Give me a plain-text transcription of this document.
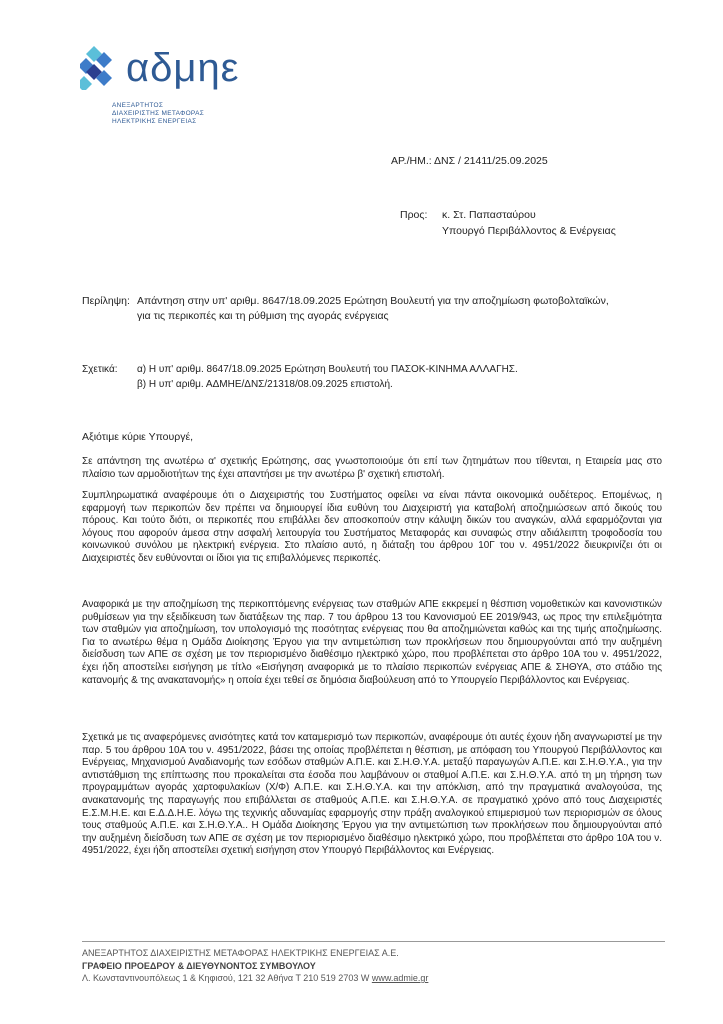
αδμηε
ΑΝΕΞΑΡΤΗΤΟΣ
ΔΙΑΧΕΙΡΙΣΤΗΣ ΜΕΤΑΦΟΡΑΣ
ΗΛΕΚΤΡΙΚΗΣ ΕΝΕΡΓΕΙΑΣ
ΑΡ./ΗΜ.: ΔΝΣ / 21411/25.09.2025
Προς: κ. Στ. Παπασταύρου
Υπουργό Περιβάλλοντος & Ενέργειας
Περίληψη: Απάντηση στην υπ' αριθμ. 8647/18.09.2025 Ερώτηση Βουλευτή για την αποζημίωση φωτοβολταϊκών,
για τις περικοπές και τη ρύθμιση της αγοράς ενέργειας
Σχετικά: α) Η υπ' αριθμ. 8647/18.09.2025 Ερώτηση Βουλευτή του ΠΑΣΟΚ-ΚΙΝΗΜΑ ΑΛΛΑΓΗΣ.
β) Η υπ' αριθμ. ΑΔΜΗΕ/ΔΝΣ/21318/08.09.2025 επιστολή.
Αξιότιμε κύριε Υπουργέ,
Σε απάντηση της ανωτέρω α' σχετικής Ερώτησης, σας γνωστοποιούμε ότι επί των ζητημάτων που τίθενται, η Εταιρεία μας στο πλαίσιο των αρμοδιοτήτων της έχει απαντήσει με την ανωτέρω β' σχετική επιστολή.
Συμπληρωματικά αναφέρουμε ότι ο Διαχειριστής του Συστήματος οφείλει να είναι πάντα οικονομικά ουδέτερος. Επομένως, η εφαρμογή των περικοπών δεν πρέπει να δημιουργεί ίδια ευθύνη του Διαχειριστή για καταβολή αποζημιώσεων από δικούς του πόρους. Και τούτο διότι, οι περικοπές που επιβάλλει δεν αποσκοπούν στην κάλυψη δικών του αναγκών, αλλά εφαρμόζονται για λόγους που αφορούν άμεσα στην ασφαλή λειτουργία του Συστήματος Μεταφοράς και συναφώς στην αδιάλειπτη τροφοδοσία του κοινωνικού συνόλου με ηλεκτρική ενέργεια. Στο πλαίσιο αυτό, η διάταξη του άρθρου 10Γ του ν. 4951/2022 διευκρινίζει ότι οι Διαχειριστές δεν ευθύνονται οι ίδιοι για τις επιβαλλόμενες περικοπές.
Αναφορικά με την αποζημίωση της περικοπτόμενης ενέργειας των σταθμών ΑΠΕ εκκρεμεί η θέσπιση νομοθετικών και κανονιστικών ρυθμίσεων για την εξειδίκευση των διατάξεων της παρ. 7 του άρθρου 13 του Κανονισμού ΕΕ 2019/943, ως προς την επιλεξιμότητα των σταθμών για αποζημίωση, τον υπολογισμό της ποσότητας ενέργειας που θα αποζημιώνεται καθώς και της τιμής αποζημίωσης. Για το ανωτέρω θέμα η Ομάδα Διοίκησης Έργου για την αντιμετώπιση των προκλήσεων που δημιουργούνται από την αυξημένη διείσδυση των ΑΠΕ σε σχέση με τον περιορισμένο διαθέσιμο ηλεκτρικό χώρο, που προβλέπεται στο άρθρο 10Α του ν. 4951/2022, έχει ήδη αποστείλει εισήγηση με τίτλο «Εισήγηση αναφορικά με το πλαίσιο περικοπών ενέργειας ΑΠΕ & ΣΗΘΥΑ, στο στάδιο της κατανομής & της ανακατανομής» η οποία έχει τεθεί σε δημόσια διαβούλευση από το Υπουργείο Περιβάλλοντος και Ενέργειας.
Σχετικά με τις αναφερόμενες ανισότητες κατά τον καταμερισμό των περικοπών, αναφέρουμε ότι αυτές έχουν ήδη αναγνωριστεί με την παρ. 5 του άρθρου 10Α του ν. 4951/2022, βάσει της οποίας προβλέπεται η θέσπιση, με απόφαση του Υπουργού Περιβάλλοντος και Ενέργειας, Μηχανισμού Αναδιανομής των εσόδων σταθμών Α.Π.Ε. και Σ.Η.Θ.Υ.Α. μεταξύ παραγωγών Α.Π.Ε. και Σ.Η.Θ.Υ.Α., για την αντιστάθμιση της επίπτωσης που προκαλείται στα έσοδα που λαμβάνουν οι σταθμοί Α.Π.Ε. και Σ.Η.Θ.Υ.Α. από τη μη τήρηση των προγραμμάτων αγοράς χαρτοφυλακίων (Χ/Φ) Α.Π.Ε. και Σ.Η.Θ.Υ.Α. και την απόκλιση, από την πραγματικά αναλογούσα, της ανακατανομής της παραγωγής που επιβάλλεται σε σταθμούς Α.Π.Ε. και Σ.Η.Θ.Υ.Α. σε πραγματικό χρόνο από τους Διαχειριστές Ε.Σ.Μ.Η.Ε. και Ε.Δ.Δ.Η.Ε. λόγω της τεχνικής αδυναμίας εφαρμογής στην πράξη αναλογικού επιμερισμού των περιορισμών σε όλους τους σταθμούς Α.Π.Ε. και Σ.Η.Θ.Υ.Α.. Η Ομάδα Διοίκησης Έργου για την αντιμετώπιση των προκλήσεων που δημιουργούνται από την αυξημένη διείσδυση των ΑΠΕ σε σχέση με τον περιορισμένο διαθέσιμο ηλεκτρικό χώρο, που προβλέπεται στο άρθρο 10Α του ν. 4951/2022, έχει ήδη αποστείλει σχετική εισήγηση στον Υπουργό Περιβάλλοντος και Ενέργειας.
ΑΝΕΞΑΡΤΗΤΟΣ ΔΙΑΧΕΙΡΙΣΤΗΣ ΜΕΤΑΦΟΡΑΣ ΗΛΕΚΤΡΙΚΗΣ ΕΝΕΡΓΕΙΑΣ Α.Ε.
ΓΡΑΦΕΙΟ ΠΡΟΕΔΡΟΥ & ΔΙΕΥΘΥΝΟΝΤΟΣ ΣΥΜΒΟΥΛΟΥ
Λ. Κωνσταντινουπόλεως 1 & Κηφισού, 121 32 Αθήνα Τ 210 519 2703 W www.admie.gr
